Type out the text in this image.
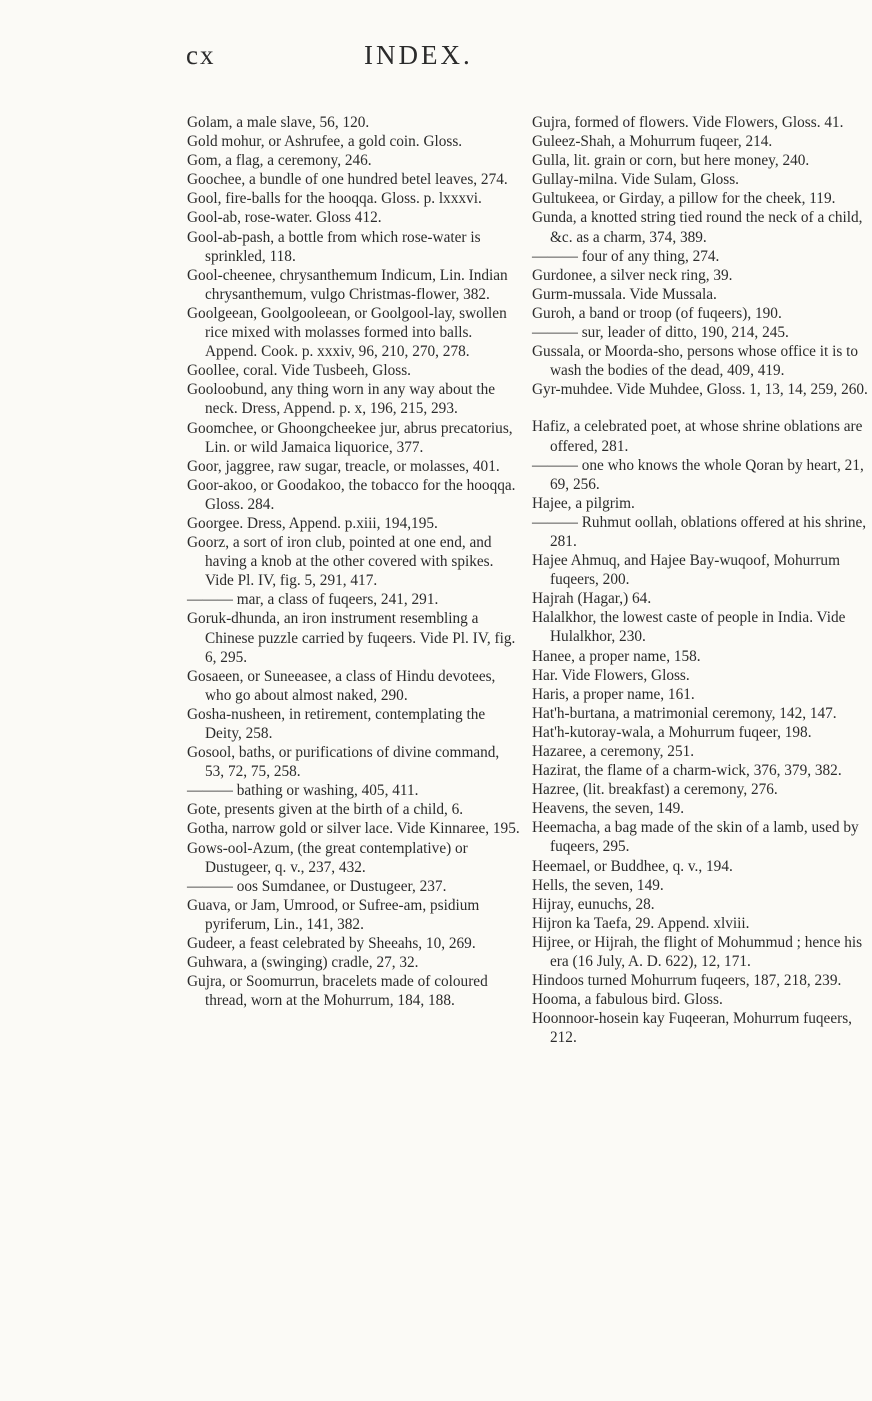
cx	INDEX.

Golam, a male slave, 56, 120.

Gold mohur, or Ashrufee, a gold coin. Gloss.

Gom, a flag, a ceremony, 246.

Goochee, a bundle of one hundred betel leaves, 274.

Gool, fire-balls for the hooqqa. Gloss. p. lxxxvi.

Gool-ab, rose-water. Gloss 412.

Gool-ab-pash, a bottle from which rose-water is sprinkled, 118.

Gool-cheenee, chrysanthemum Indicum, Lin. Indian chrysanthemum, vulgo Christmas-flower, 382.

Goolgeean, Goolgooleean, or Goolgool-lay, swollen rice mixed with molasses formed into balls. Append. Cook. p. xxxiv, 96, 210, 270, 278.

Goollee, coral. Vide Tusbeeh, Gloss.

Gooloobund, any thing worn in any way about the neck. Dress, Append. p. x, 196, 215, 293.

Goomchee, or Ghoongcheekee jur, abrus precatorius, Lin. or wild Jamaica liquorice, 377.

Goor, jaggree, raw sugar, treacle, or molasses, 401.

Goor-akoo, or Goodakoo, the tobacco for the hooqqa. Gloss. 284.

Goorgee. Dress, Append. p.xiii, 194,195.

Goorz, a sort of iron club, pointed at one end, and having a knob at the other covered with spikes. Vide Pl. IV, fig. 5, 291, 417.

——— mar, a class of fuqeers, 241, 291.

Goruk-dhunda, an iron instrument resembling a Chinese puzzle carried by fuqeers. Vide Pl. IV, fig. 6, 295.

Gosaeen, or Suneeasee, a class of Hindu devotees, who go about almost naked, 290.

Gosha-nusheen, in retirement, contemplating the Deity, 258.

Gosool, baths, or purifications of divine command, 53, 72, 75, 258.

——— bathing or washing, 405, 411.

Gote, presents given at the birth of a child, 6.

Gotha, narrow gold or silver lace. Vide Kinnaree, 195.

Gows-ool-Azum, (the great contemplative) or Dustugeer, q. v., 237, 432.

——— oos Sumdanee, or Dustugeer, 237.

Guava, or Jam, Umrood, or Sufree-am, psidium pyriferum, Lin., 141, 382.

Gudeer, a feast celebrated by Sheeahs, 10, 269.

Guhwara, a (swinging) cradle, 27, 32.

Gujra, or Soomurrun, bracelets made of coloured thread, worn at the Mohurrum, 184, 188.

Gujra, formed of flowers. Vide Flowers, Gloss. 41.

Guleez-Shah, a Mohurrum fuqeer, 214.

Gulla, lit. grain or corn, but here money, 240.

Gullay-milna. Vide Sulam, Gloss.

Gultukeea, or Girday, a pillow for the cheek, 119.

Gunda, a knotted string tied round the neck of a child, &c. as a charm, 374, 389.

——— four of any thing, 274.

Gurdonee, a silver neck ring, 39.

Gurm-mussala. Vide Mussala.

Guroh, a band or troop (of fuqeers), 190.

——— sur, leader of ditto, 190, 214, 245.

Gussala, or Moorda-sho, persons whose office it is to wash the bodies of the dead, 409, 419.

Gyr-muhdee. Vide Muhdee, Gloss. 1, 13, 14, 259, 260.

Hafiz, a celebrated poet, at whose shrine oblations are offered, 281.

——— one who knows the whole Qoran by heart, 21, 69, 256.

Hajee, a pilgrim.

——— Ruhmut oollah, oblations offered at his shrine, 281.

Hajee Ahmuq, and Hajee Bay-wuqoof, Mohurrum fuqeers, 200.

Hajrah (Hagar,) 64.

Halalkhor, the lowest caste of people in India. Vide Hulalkhor, 230.

Hanee, a proper name, 158.

Har. Vide Flowers, Gloss.

Haris, a proper name, 161.

Hat'h-burtana, a matrimonial ceremony, 142, 147.

Hat'h-kutoray-wala, a Mohurrum fuqeer, 198.

Hazaree, a ceremony, 251.

Hazirat, the flame of a charm-wick, 376, 379, 382.

Hazree, (lit. breakfast) a ceremony, 276.

Heavens, the seven, 149.

Heemacha, a bag made of the skin of a lamb, used by fuqeers, 295.

Heemael, or Buddhee, q. v., 194.

Hells, the seven, 149.

Hijray, eunuchs, 28.

Hijron ka Taefa, 29. Append. xlviii.

Hijree, or Hijrah, the flight of Mohummud ; hence his era (16 July, A. D. 622), 12, 171.

Hindoos turned Mohurrum fuqeers, 187, 218, 239.

Hooma, a fabulous bird. Gloss.

Hoonnoor-hosein kay Fuqeeran, Mohurrum fuqeers, 212.
